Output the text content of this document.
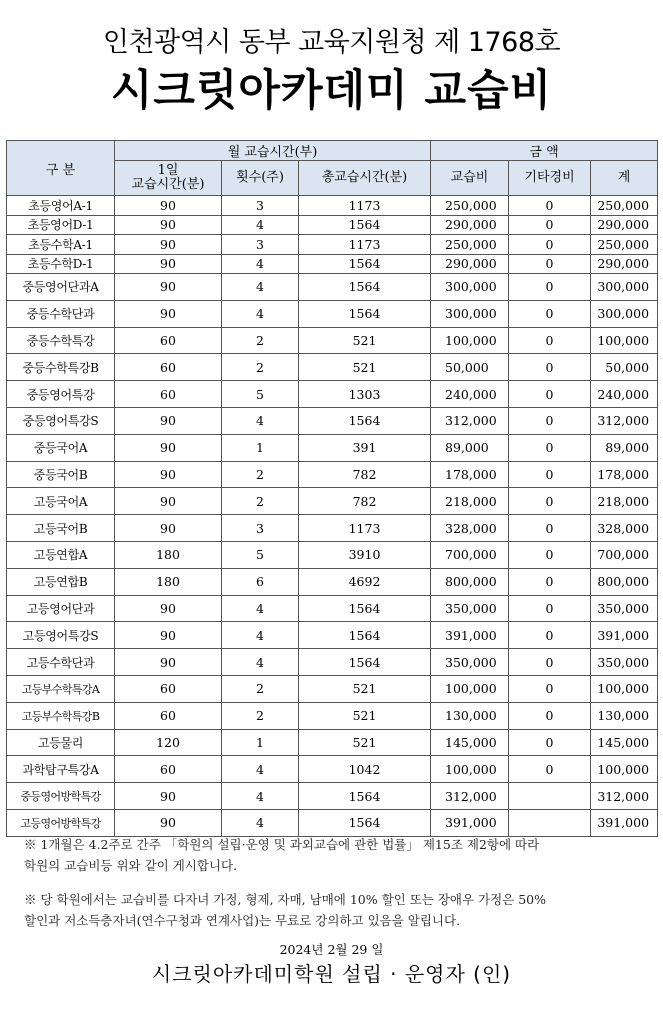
인천광역시 동부 교육지원청 제 1768호
시크릿아카데미 교습비
구 분	월 교습시간(부)			금 액		

	1일
교습시간(분)	횟수(주)	총교습시간(분)	교습비	기타경비	계
초등영어A-1	90	3	1173	250,000	0	250,000
초등영어D-1	90	4	1564	290,000	0	290,000
초등수학A-1	90	3	1173	250,000	0	250,000
초등수학D-1	90	4	1564	290,000	0	290,000
중등영어단과A	90	4	1564	300,000	0	300,000
중등수학단과	90	4	1564	300,000	0	300,000
중등수학특강	60	2	521	100,000	0	100,000
중등수학특강B	60	2	521	50,000	0	50,000
중등영어특강	60	5	1303	240,000	0	240,000
중등영어특강S	90	4	1564	312,000	0	312,000
중등국어A	90	1	391	89,000	0	89,000
중등국어B	90	2	782	178,000	0	178,000
고등국어A	90	2	782	218,000	0	218,000
고등국어B	90	3	1173	328,000	0	328,000
고등연합A	180	5	3910	700,000	0	700,000
고등연합B	180	6	4692	800,000	0	800,000
고등영어단과	90	4	1564	350,000	0	350,000
고등영어특강S	90	4	1564	391,000	0	391,000
고등수학단과	90	4	1564	350,000	0	350,000
고등부수학특강A	60	2	521	100,000	0	100,000
고등부수학특강B	60	2	521	130,000	0	130,000
고등물리	120	1	521	145,000	0	145,000
과학탐구특강A	60	4	1042	100,000	0	100,000
중등영어방학특강	90	4	1564	312,000		312,000
고등영어방학특강	90	4	1564	391,000		391,000
※ 1개월은 4.2주로 간주 「학원의 설립·운영 및 과외교습에 관한 법률」 제15조 제2항에 따라
학원의 교습비등 위와 같이 게시합니다.
※ 당 학원에서는 교습비를 다자녀 가정, 형제, 자매, 남매에 10% 할인 또는 장애우 가정은 50%
할인과 저소득층자녀(연수구청과 연계사업)는 무료로 강의하고 있음을 알립니다.
2024년 2월 29 일
시크릿아카데미학원 설립 · 운영자 (인)
